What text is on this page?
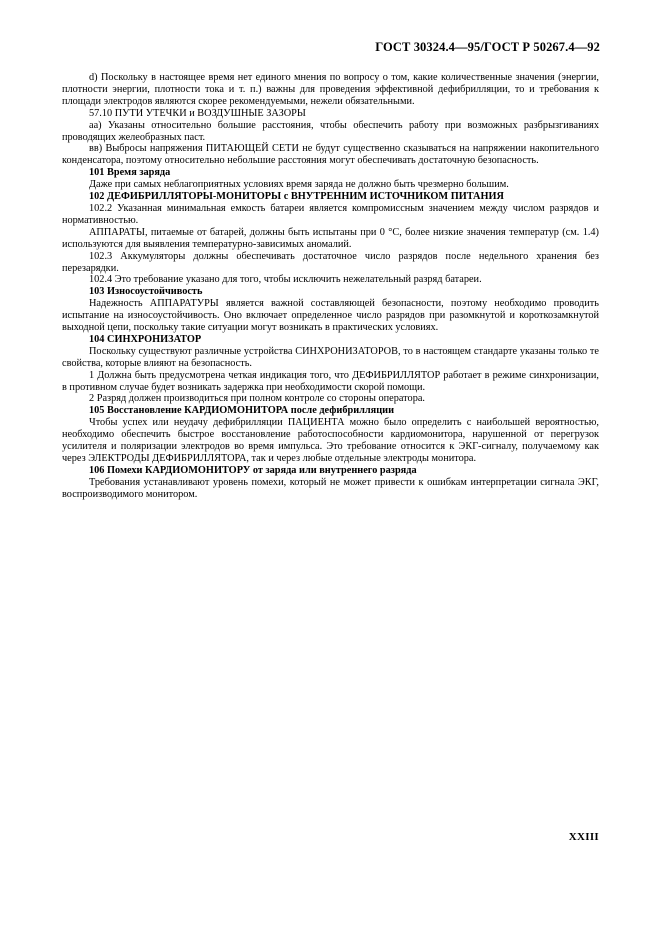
ГОСТ 30324.4—95/ГОСТ Р 50267.4—92

d) Поскольку в настоящее время нет единого мнения по вопросу о том, какие количественные значения (энергии, плотности энергии, плотности тока и т. п.) важны для проведения эффективной дефибрилляции, то и требования к площади электродов являются скорее рекомендуемыми, нежели обязательными.

57.10 ПУТИ УТЕЧКИ и ВОЗДУШНЫЕ ЗАЗОРЫ

аа) Указаны относительно большие расстояния, чтобы обеспечить работу при возможных разбрызгиваниях проводящих желеобразных паст.

вв) Выбросы напряжения ПИТАЮЩЕЙ СЕТИ не будут существенно сказываться на напряжении накопительного конденсатора, поэтому относительно небольшие расстояния могут обеспечивать достаточную безопасность.

101 Время заряда

Даже при самых неблагоприятных условиях время заряда не должно быть чрезмерно большим.

102 ДЕФИБРИЛЛЯТОРЫ-МОНИТОРЫ с ВНУТРЕННИМ ИСТОЧНИКОМ ПИТАНИЯ

102.2 Указанная минимальная емкость батареи является компромиссным значением между числом разрядов и нормативностью.

АППАРАТЫ, питаемые от батарей, должны быть испытаны при 0 °С, более низкие значения температур (см. 1.4) используются для выявления температурно-зависимых аномалий.

102.3 Аккумуляторы должны обеспечивать достаточное число разрядов после недельного хранения без перезарядки.

102.4 Это требование указано для того, чтобы исключить нежелательный разряд батареи.

103 Износоустойчивость

Надежность АППАРАТУРЫ является важной составляющей безопасности, поэтому необходимо проводить испытание на износоустойчивость. Оно включает определенное число разрядов при разомкнутой и короткозамкнутой выходной цепи, поскольку такие ситуации могут возникать в практических условиях.

104 СИНХРОНИЗАТОР

Поскольку существуют различные устройства СИНХРОНИЗАТОРОВ, то в настоящем стандарте указаны только те свойства, которые влияют на безопасность.

1 Должна быть предусмотрена четкая индикация того, что ДЕФИБРИЛЛЯТОР работает в режиме синхронизации, в противном случае будет возникать задержка при необходимости скорой помощи.

2 Разряд должен производиться при полном контроле со стороны оператора.

105 Восстановление КАРДИОМОНИТОРА после дефибрилляции

Чтобы успех или неудачу дефибрилляции ПАЦИЕНТА можно было определить с наибольшей вероятностью, необходимо обеспечить быстрое восстановление работоспособности кардиомонитора, нарушенной от перегрузок усилителя и поляризации электродов во время импульса. Это требование относится к ЭКГ-сигналу, получаемому как через ЭЛЕКТРОДЫ ДЕФИБРИЛЛЯТОРА, так и через любые отдельные электроды монитора.

106 Помехи КАРДИОМОНИТОРУ от заряда или внутреннего разряда

Требования устанавливают уровень помехи, который не может привести к ошибкам интерпретации сигнала ЭКГ, воспроизводимого монитором.

XXIII
